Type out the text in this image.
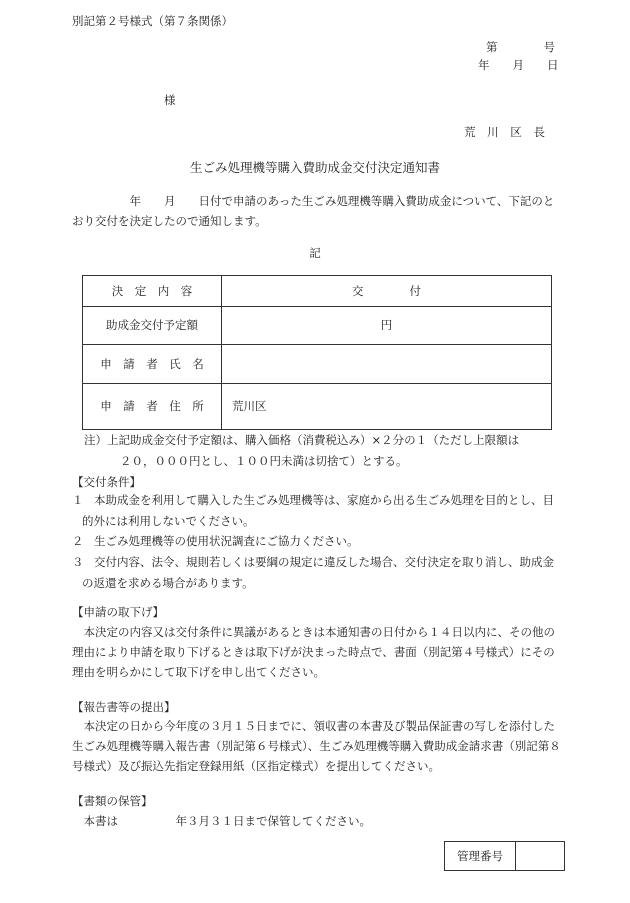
別記第２号様式（第７条関係）
第　　　　号
年　　月　　日
様
荒 川 区 長
生ごみ処理機等購入費助成金交付決定通知書
　　　　　年　　月　　日付で申請のあった生ごみ処理機等購入費助成金について、下記のとおり交付を決定したので通知します。
記
決　定　内　容	交　　　　付
助成金交付予定額	円
申　請　者　氏　名	
申　請　者　住　所	荒川区
注）上記助成金交付予定額は、購入価格（消費税込み）×２分の１（ただし上限額は
２０，０００円とし、１００円未満は切捨て）とする。
【交付条件】
１ 本助成金を利用して購入した生ごみ処理機等は、家庭から出る生ごみ処理を目的とし、目
的外には利用しないでください。
２ 生ごみ処理機等の使用状況調査にご協力ください。
３ 交付内容、法令、規則若しくは要綱の規定に違反した場合、交付決定を取り消し、助成金
の返還を求める場合があります。
【申請の取下げ】
　本決定の内容又は交付条件に異議があるときは本通知書の日付から１４日以内に、その他の理由により申請を取り下げるときは取下げが決まった時点で、書面（別記第４号様式）にその理由を明らかにして取下げを申し出てください。
【報告書等の提出】
　本決定の日から今年度の３月１５日までに、領収書の本書及び製品保証書の写しを添付した生ごみ処理機等購入報告書（別記第６号様式）、生ごみ処理機等購入費助成金請求書（別記第８号様式）及び振込先指定登録用紙（区指定様式）を提出してください。
【書類の保管】
　本書は　　　　　年３月３１日まで保管してください。
管理番号	
